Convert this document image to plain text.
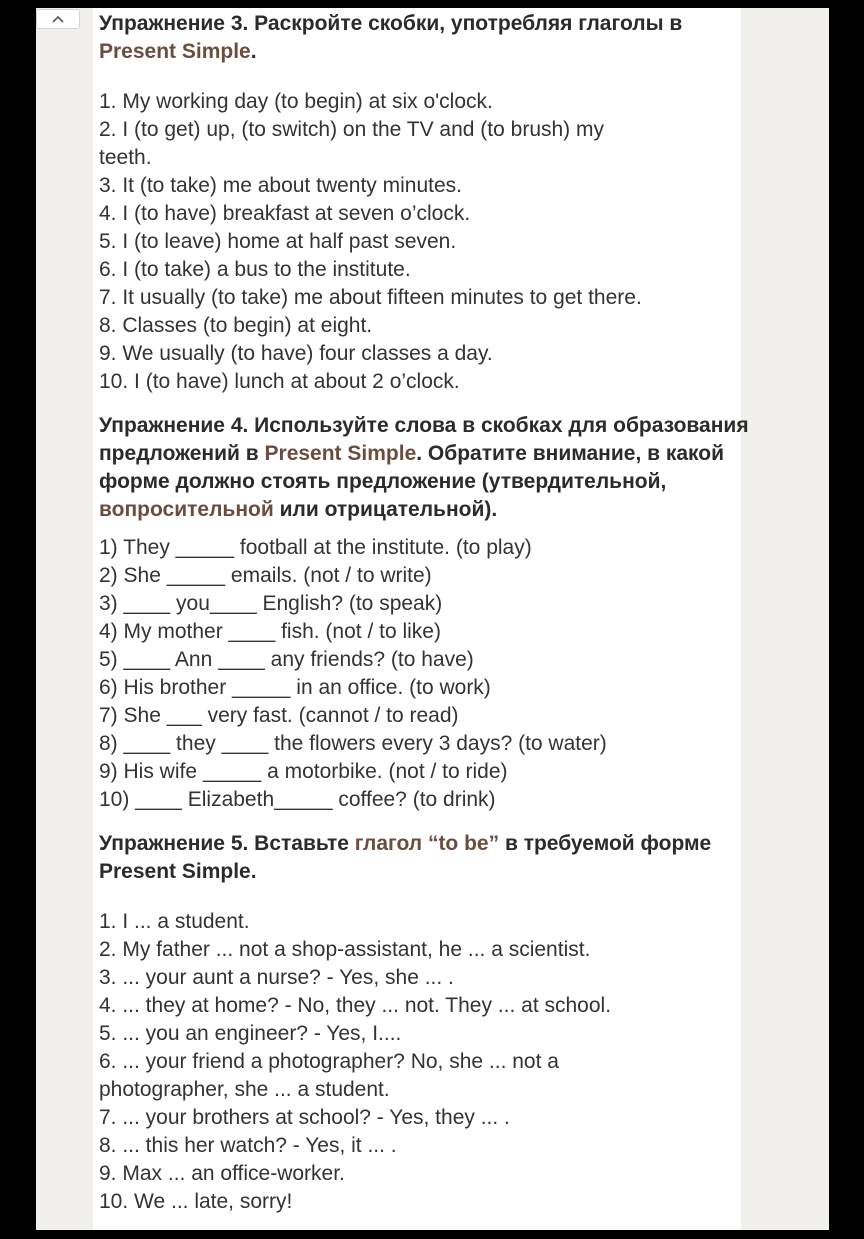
Упражнение 3. Раскройте скобки, употребляя глаголы в Present Simple.

1. My working day (to begin) at six o'clock.
2. I (to get) up, (to switch) on the TV and (to brush) my
teeth.
3. It (to take) me about twenty minutes.
4. I (to have) breakfast at seven o’clock.
5. I (to leave) home at half past seven.
6. I (to take) a bus to the institute.
7. It usually (to take) me about fifteen minutes to get there.
8. Classes (to begin) at eight.
9. We usually (to have) four classes a day.
10. I (to have) lunch at about 2 o’clock.

Упражнение 4. Используйте слова в скобках для образования предложений в Present Simple. Обратите внимание, в какой форме должно стоять предложение (утвердительной, вопросительной или отрицательной).

1) They _____ football at the institute. (to play)
2) She _____ emails. (not / to write)
3) ____ you____ English? (to speak)
4) My mother ____ fish. (not / to like)
5) ____ Ann ____ any friends? (to have)
6) His brother _____ in an office. (to work)
7) She ___ very fast. (cannot / to read)
8) ____ they ____ the flowers every 3 days? (to water)
9) His wife _____ a motorbike. (not / to ride)
10) ____ Elizabeth_____ coffee? (to drink)

Упражнение 5. Вставьте глагол “to be” в требуемой форме Present Simple.

1. I ... a student.
2. My father ... not a shop-assistant, he ... a scientist.
3. ... your aunt a nurse? - Yes, she ... .
4. ... they at home? - No, they ... not. They ... at school.
5. ... you an engineer? - Yes, I....
6. ... your friend a photographer? No, she ... not a
photographer, she ... a student.
7. ... your brothers at school? - Yes, they ... .
8. ... this her watch? - Yes, it ... .
9. Max ... an office-worker.
10. We ... late, sorry!
